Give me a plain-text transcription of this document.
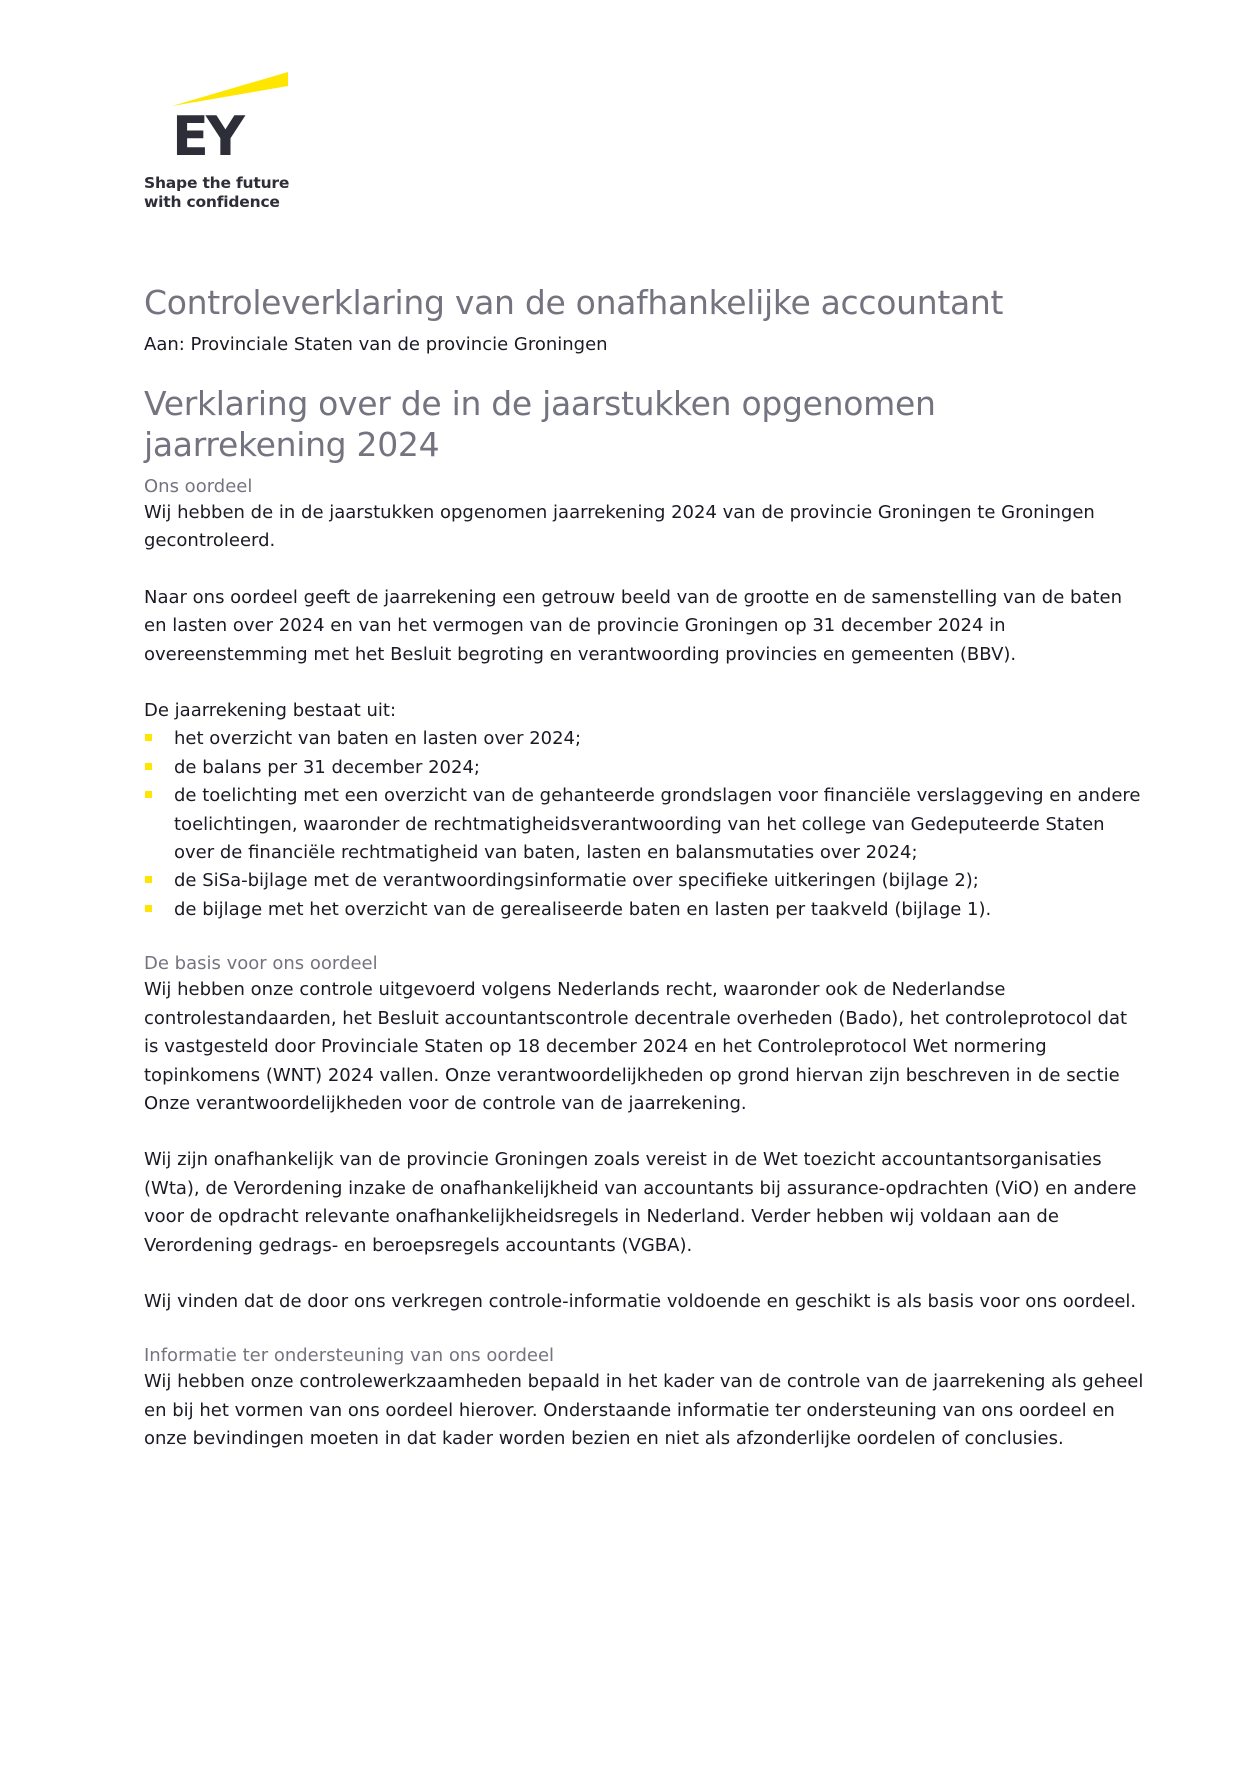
EY
Shape the future
with confidence
Controleverklaring van de onafhankelijke accountant
Aan: Provinciale Staten van de provincie Groningen
Verklaring over de in de jaarstukken opgenomen jaarrekening 2024
Ons oordeel

Wij hebben de in de jaarstukken opgenomen jaarrekening 2024 van de provincie Groningen te Groningen gecontroleerd.

Naar ons oordeel geeft de jaarrekening een getrouw beeld van de grootte en de samenstelling van de baten en lasten over 2024 en van het vermogen van de provincie Groningen op 31 december 2024 in overeenstemming met het Besluit begroting en verantwoording provincies en gemeenten (BBV).

De jaarrekening bestaat uit:

het overzicht van baten en lasten over 2024;
de balans per 31 december 2024;
de toelichting met een overzicht van de gehanteerde grondslagen voor financiële verslaggeving en andere toelichtingen, waaronder de rechtmatigheidsverantwoording van het college van Gedeputeerde Staten over de financiële rechtmatigheid van baten, lasten en balansmutaties over 2024;
de SiSa-bijlage met de verantwoordingsinformatie over specifieke uitkeringen (bijlage 2);
de bijlage met het overzicht van de gerealiseerde baten en lasten per taakveld (bijlage 1).
De basis voor ons oordeel

Wij hebben onze controle uitgevoerd volgens Nederlands recht, waaronder ook de Nederlandse controlestandaarden, het Besluit accountantscontrole decentrale overheden (Bado), het controleprotocol dat is vastgesteld door Provinciale Staten op 18 december 2024 en het Controleprotocol Wet normering topinkomens (WNT) 2024 vallen. Onze verantwoordelijkheden op grond hiervan zijn beschreven in de sectie Onze verantwoordelijkheden voor de controle van de jaarrekening.

Wij zijn onafhankelijk van de provincie Groningen zoals vereist in de Wet toezicht accountantsorganisaties (Wta), de Verordening inzake de onafhankelijkheid van accountants bij assurance-opdrachten (ViO) en andere voor de opdracht relevante onafhankelijkheidsregels in Nederland. Verder hebben wij voldaan aan de Verordening gedrags- en beroepsregels accountants (VGBA).

Wij vinden dat de door ons verkregen controle-informatie voldoende en geschikt is als basis voor ons oordeel.

Informatie ter ondersteuning van ons oordeel

Wij hebben onze controlewerkzaamheden bepaald in het kader van de controle van de jaarrekening als geheel en bij het vormen van ons oordeel hierover. Onderstaande informatie ter ondersteuning van ons oordeel en onze bevindingen moeten in dat kader worden bezien en niet als afzonderlijke oordelen of conclusies.
